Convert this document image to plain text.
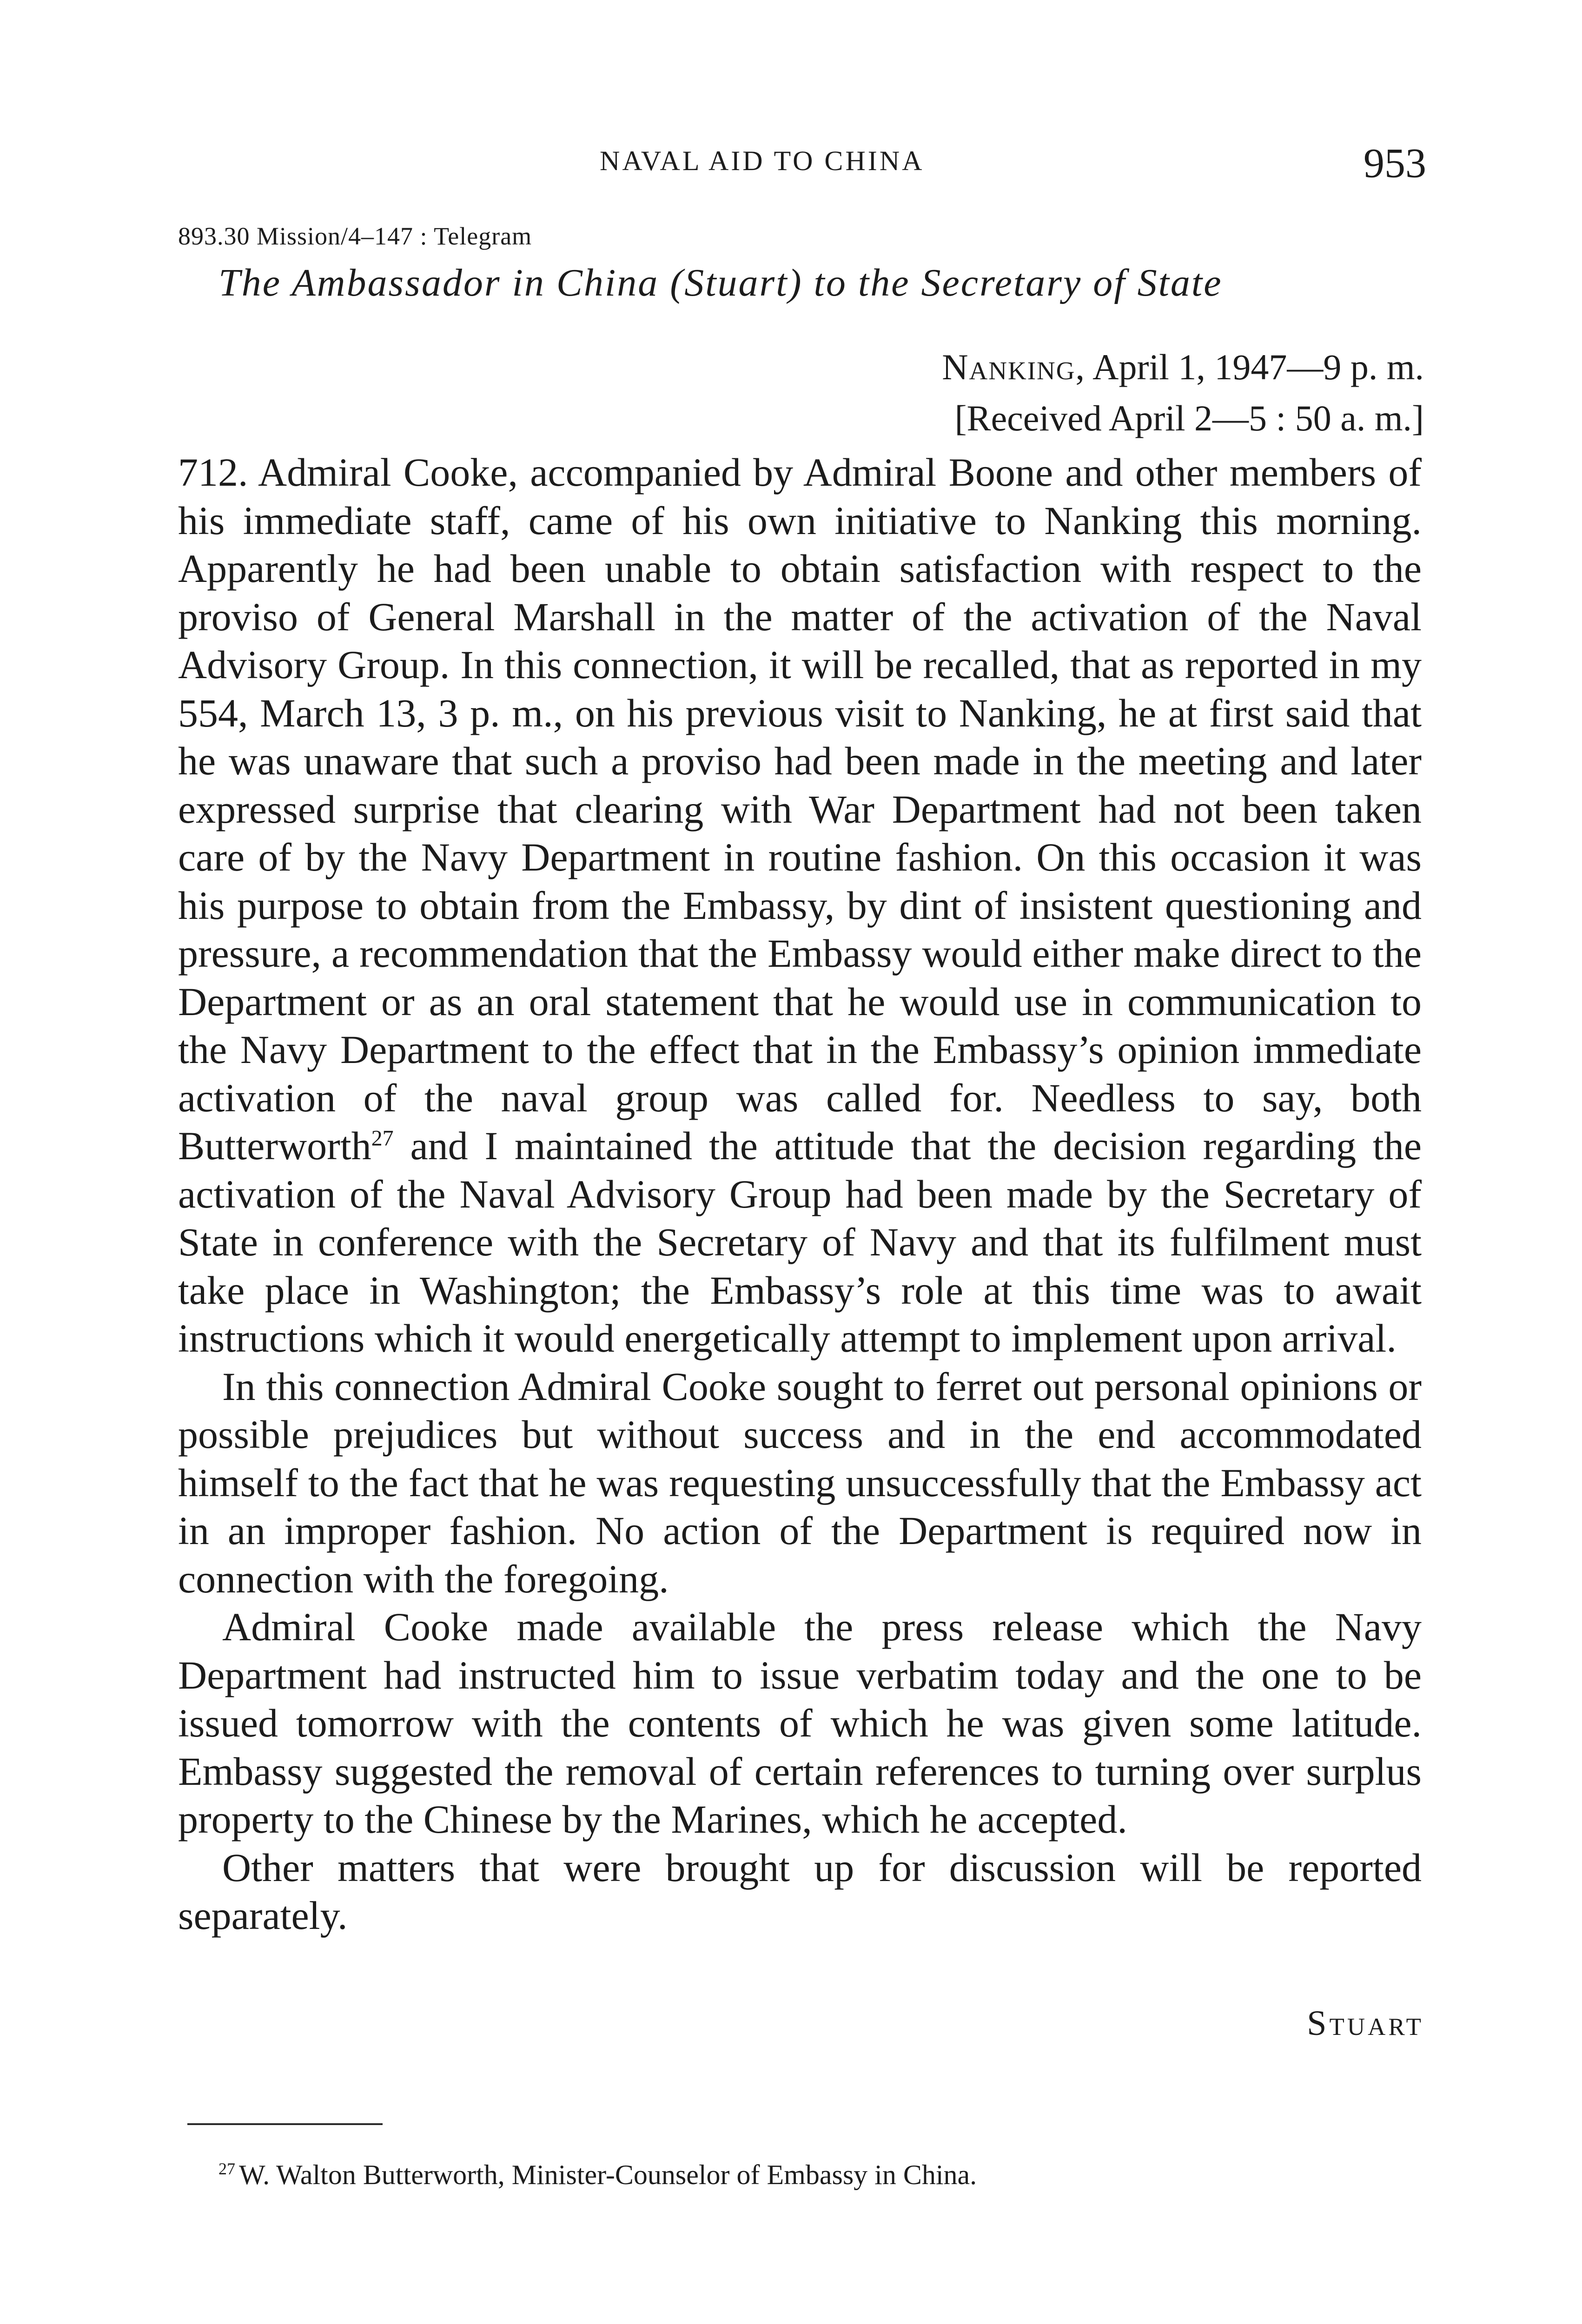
NAVAL AID TO CHINA	953
893.30 Mission/4–147 : Telegram
The Ambassador in China (Stuart) to the Secretary of State
Nanking, April 1, 1947—9 p. m.
[Received April 2—5 : 50 a. m.]

712. Admiral Cooke, accompanied by Admiral Boone and other members of his immediate staff, came of his own initiative to Nanking this morning. Apparently he had been unable to obtain satisfaction with respect to the proviso of General Marshall in the matter of the activation of the Naval Advisory Group. In this connection, it will be recalled, that as reported in my 554, March 13, 3 p. m., on his previous visit to Nanking, he at first said that he was unaware that such a proviso had been made in the meeting and later expressed surprise that clearing with War Department had not been taken care of by the Navy Department in routine fashion. On this occasion it was his purpose to obtain from the Embassy, by dint of insistent questioning and pressure, a recommendation that the Embassy would either make direct to the Department or as an oral statement that he would use in communication to the Navy Department to the effect that in the Embassy’s opinion immediate activation of the naval group was called for. Needless to say, both Butterworth$^{27}$ and I maintained the attitude that the decision regarding the activation of the Naval Advisory Group had been made by the Secretary of State in conference with the Secretary of Navy and that its fulfilment must take place in Washington; the Embassy’s role at this time was to await instructions which it would energetically attempt to implement upon arrival.

In this connection Admiral Cooke sought to ferret out personal opinions or possible prejudices but without success and in the end accommodated himself to the fact that he was requesting unsuccessfully that the Embassy act in an improper fashion. No action of the Department is required now in connection with the foregoing.

Admiral Cooke made available the press release which the Navy Department had instructed him to issue verbatim today and the one to be issued tomorrow with the contents of which he was given some latitude. Embassy suggested the removal of certain references to turning over surplus property to the Chinese by the Marines, which he accepted.

Other matters that were brought up for discussion will be reported separately.

Stuart
$^{27}$ W. Walton Butterworth, Minister-Counselor of Embassy in China.
